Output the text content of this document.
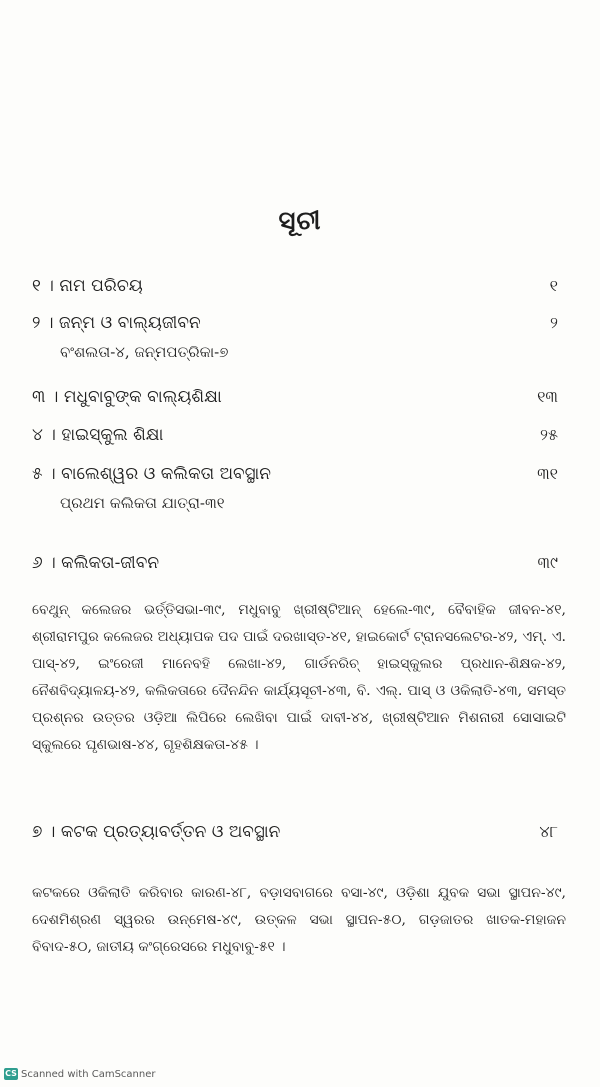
ସୂଚୀ
୧ । ନାମ ପରିଚୟ	୧
୨ । ଜନ୍ମ ଓ ବାଲ୍ୟଜୀବନ	୨
ବଂଶଲତା-୪, ଜନ୍ମପତ୍ରିକା-୭
୩ । ମଧୁବାବୁଙ୍କ ବାଲ୍ୟଶିକ୍ଷା	୧୩
୪ । ହାଇସ୍କୁଲ ଶିକ୍ଷା	୨୫
୫ । ବାଲେଶ୍ୱର ଓ କଲିକତା ଅବସ୍ଥାନ	୩୧
ପ୍ରଥମ କଲିକତା ଯାତ୍ରା-୩୧
୬ । କଲିକତା-ଜୀବନ	୩୯
ବେଥୁନ୍ କଲେଜର ଭର୍ତ୍ତିସଭା-୩୯, ମଧୁବାବୁ ଖ୍ରୀଷ୍ଟିଆନ୍ ହେଲେ-୩୯, ବୈବାହିକ ଜୀବନ-୪୧, ଶ୍ରୀରାମପୁର କଲେଜର ଅଧ୍ୟାପକ ପଦ ପାଇଁ ଦରଖାସ୍ତ-୪୧, ହାଇକୋର୍ଟ ଟ୍ରାନସଲେଟର-୪୨, ଏମ୍. ଏ. ପାସ୍-୪୨, ଇଂରେଜୀ ମାନେବହି ଲେଖା-୪୨, ଗାର୍ଡନରିଚ୍ ହାଇସ୍କୁଲର ପ୍ରଧାନ-ଶିକ୍ଷକ-୪୨, ନୈଶବିଦ୍ୟାଳୟ-୪୨, କଲିକତାରେ ଦୈନନ୍ଦିନ କାର୍ଯ୍ୟସୂଚୀ-୪୩, ବି. ଏଲ୍. ପାସ୍ ଓ ଓକିଲାତି-୪୩, ସମସ୍ତ ପ୍ରଶ୍ନର ଉତ୍ତର ଓଡ଼ିଆ ଲିପିରେ ଲେଖିବା ପାଇଁ ଦାବୀ-୪୪, ଖ୍ରୀଷ୍ଟିଆନ ମିଶନାରୀ ସୋସାଇଟି ସ୍କୁଲରେ ଘୃଣଭାଷ-୪୪, ଗୃହଶିକ୍ଷକତା-୪୫ ।
୭ । କଟକ ପ୍ରତ୍ୟାବର୍ତ୍ତନ ଓ ଅବସ୍ଥାନ	୪୮
କଟକରେ ଓକିଲାତି କରିବାର କାରଣ-୪୮, ବଡ଼ାସବାଗରେ ବସା-୪୯, ଓଡ଼ିଶା ଯୁବକ ସଭା ସ୍ଥାପନ-୪୯, ଦେଶମିଶ୍ରଣ ସ୍ୱରର ଉନ୍ମେଷ-୪୯, ଉତ୍କଳ ସଭା ସ୍ଥାପନ-୫୦, ଗଡ଼ଜାତର ଖାତକ-ମହାଜନ ବିବାଦ-୫୦, ଜାତୀୟ କଂଗ୍ରେସରେ ମଧୁବାବୁ-୫୧ ।
CS Scanned with CamScanner
